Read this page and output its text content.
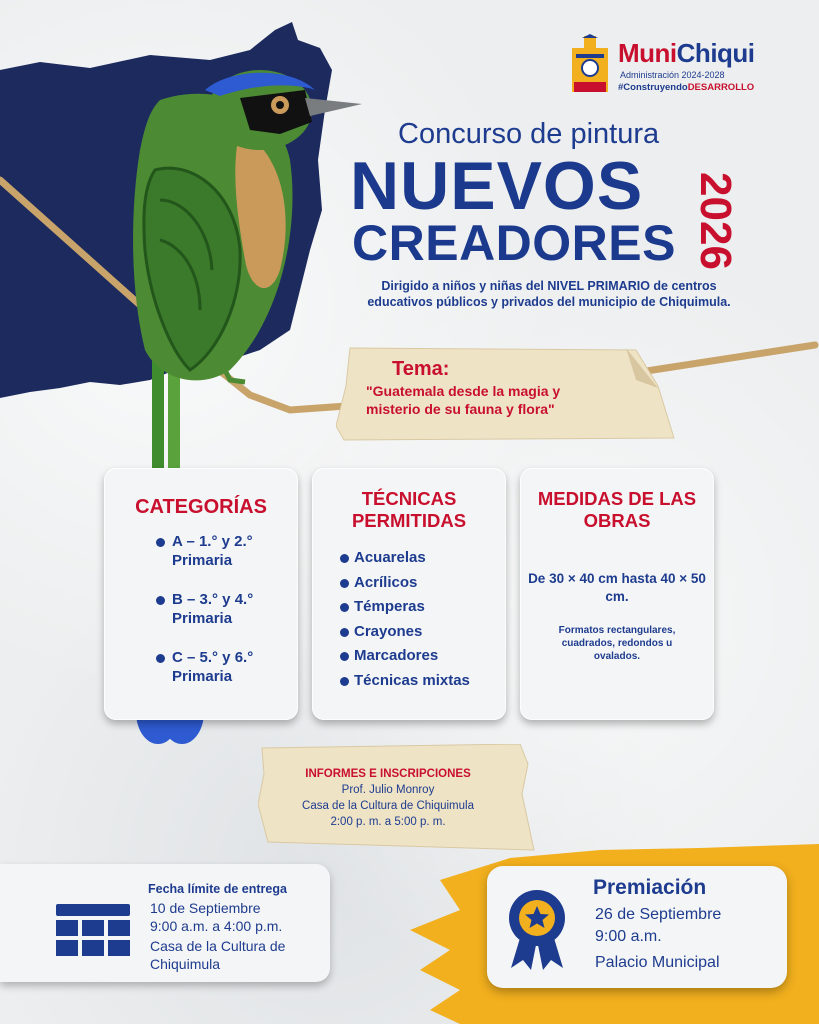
MuniChiqui
Administración 2024-2028
#ConstruyendoDESARROLLO
Concurso de pintura
NUEVOS
CREADORES 2026
Dirigido a niños y niñas del NIVEL PRIMARIO de centros educativos públicos y privados del municipio de Chiquimula.
Tema:
"Guatemala desde la magia y misterio de su fauna y flora"
CATEGORÍAS
A – 1.° y 2.° Primaria
B – 3.° y 4.° Primaria
C – 5.° y 6.° Primaria
TÉCNICAS PERMITIDAS
Acuarelas
Acrílicos
Témperas
Crayones
Marcadores
Técnicas mixtas
MEDIDAS DE LAS OBRAS
De 30 × 40 cm hasta 40 × 50 cm.
Formatos rectangulares, cuadrados, redondos u ovalados.
INFORMES E INSCRIPCIONES
Prof. Julio Monroy
Casa de la Cultura de Chiquimula
2:00 p. m. a 5:00 p. m.
Fecha límite de entrega
10 de Septiembre
9:00 a.m. a 4:00 p.m.
Casa de la Cultura de
Chiquimula
Premiación
26 de Septiembre
9:00 a.m.
Palacio Municipal
